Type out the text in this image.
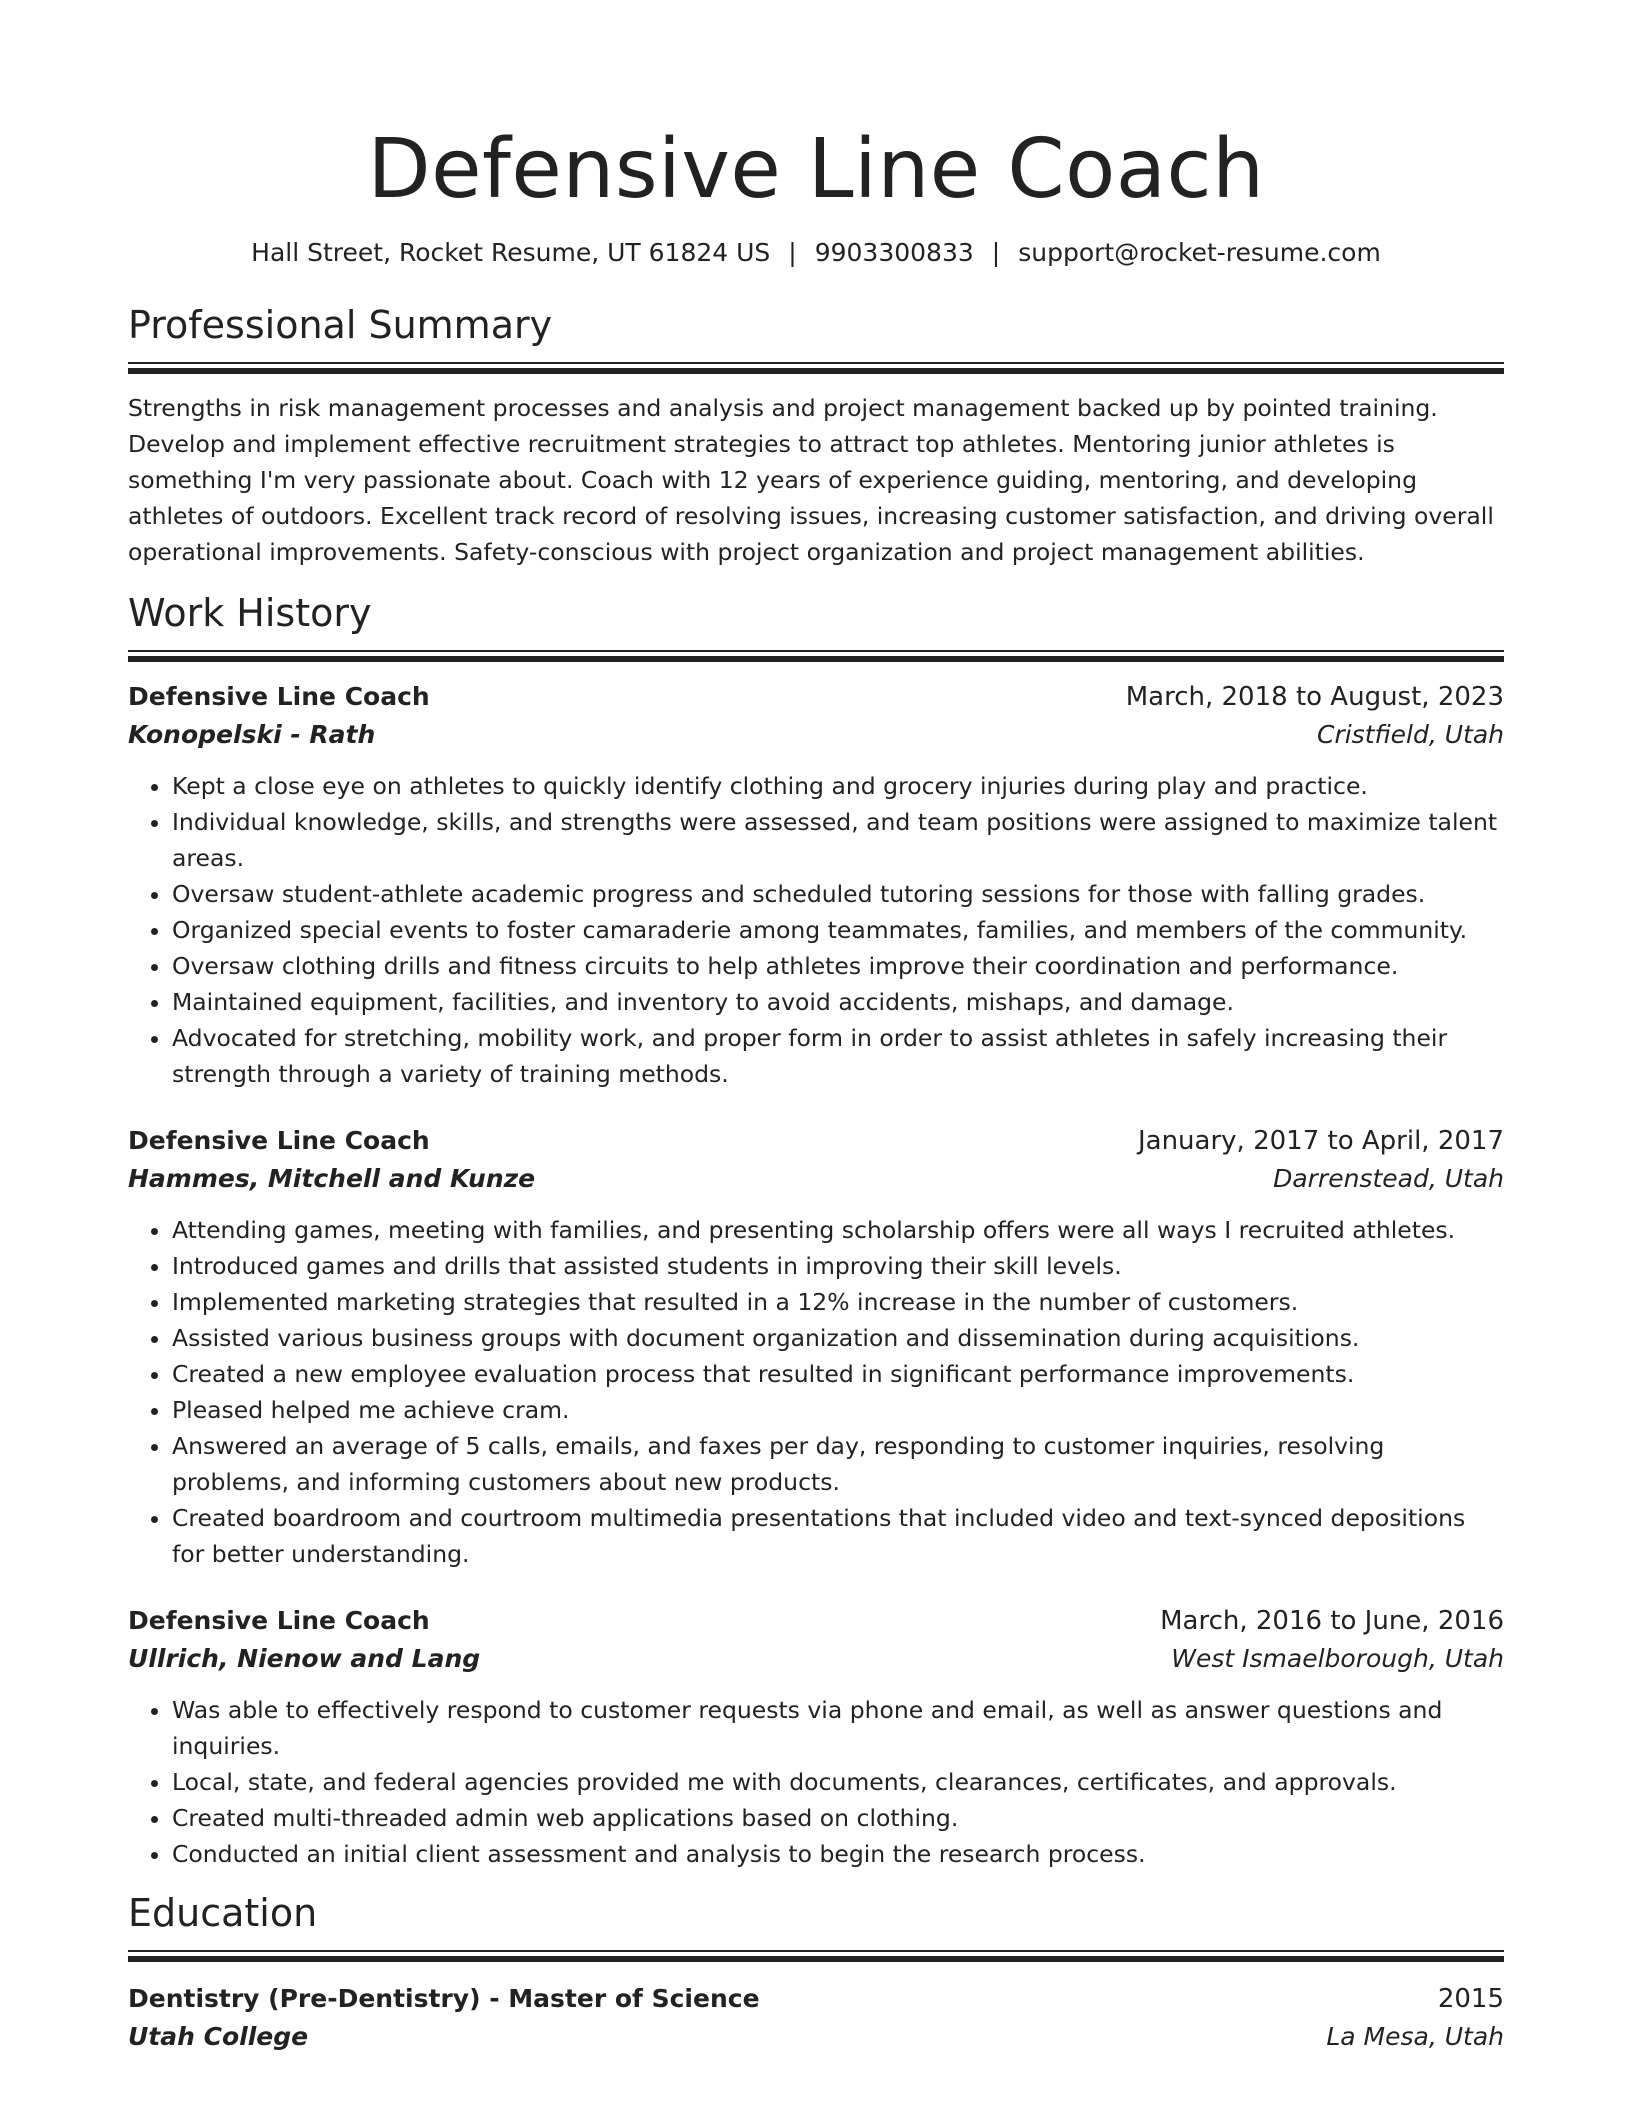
Defensive Line Coach
Hall Street, Rocket Resume, UT 61824 US | 9903300833 | support@rocket-resume.com
Professional Summary

Strengths in risk management processes and analysis and project management backed up by pointed training. Develop and implement effective recruitment strategies to attract top athletes. Mentoring junior athletes is something I'm very passionate about. Coach with 12 years of experience guiding, mentoring, and developing athletes of outdoors. Excellent track record of resolving issues, increasing customer satisfaction, and driving overall operational improvements. Safety-conscious with project organization and project management abilities.

Work History
Defensive Line Coach	March, 2018 to August, 2023
Konopelski - Rath	Cristfield, Utah
• Kept a close eye on athletes to quickly identify clothing and grocery injuries during play and practice.
• Individual knowledge, skills, and strengths were assessed, and team positions were assigned to maximize talent areas.
• Oversaw student-athlete academic progress and scheduled tutoring sessions for those with falling grades.
• Organized special events to foster camaraderie among teammates, families, and members of the community.
• Oversaw clothing drills and fitness circuits to help athletes improve their coordination and performance.
• Maintained equipment, facilities, and inventory to avoid accidents, mishaps, and damage.
• Advocated for stretching, mobility work, and proper form in order to assist athletes in safely increasing their strength through a variety of training methods.
Defensive Line Coach	January, 2017 to April, 2017
Hammes, Mitchell and Kunze	Darrenstead, Utah
• Attending games, meeting with families, and presenting scholarship offers were all ways I recruited athletes.
• Introduced games and drills that assisted students in improving their skill levels.
• Implemented marketing strategies that resulted in a 12% increase in the number of customers.
• Assisted various business groups with document organization and dissemination during acquisitions.
• Created a new employee evaluation process that resulted in significant performance improvements.
• Pleased helped me achieve cram.
• Answered an average of 5 calls, emails, and faxes per day, responding to customer inquiries, resolving problems, and informing customers about new products.
• Created boardroom and courtroom multimedia presentations that included video and text-synced depositions for better understanding.
Defensive Line Coach	March, 2016 to June, 2016
Ullrich, Nienow and Lang	West Ismaelborough, Utah
• Was able to effectively respond to customer requests via phone and email, as well as answer questions and inquiries.
• Local, state, and federal agencies provided me with documents, clearances, certificates, and approvals.
• Created multi-threaded admin web applications based on clothing.
• Conducted an initial client assessment and analysis to begin the research process.
Education
Dentistry (Pre-Dentistry) - Master of Science	2015
Utah College	La Mesa, Utah
